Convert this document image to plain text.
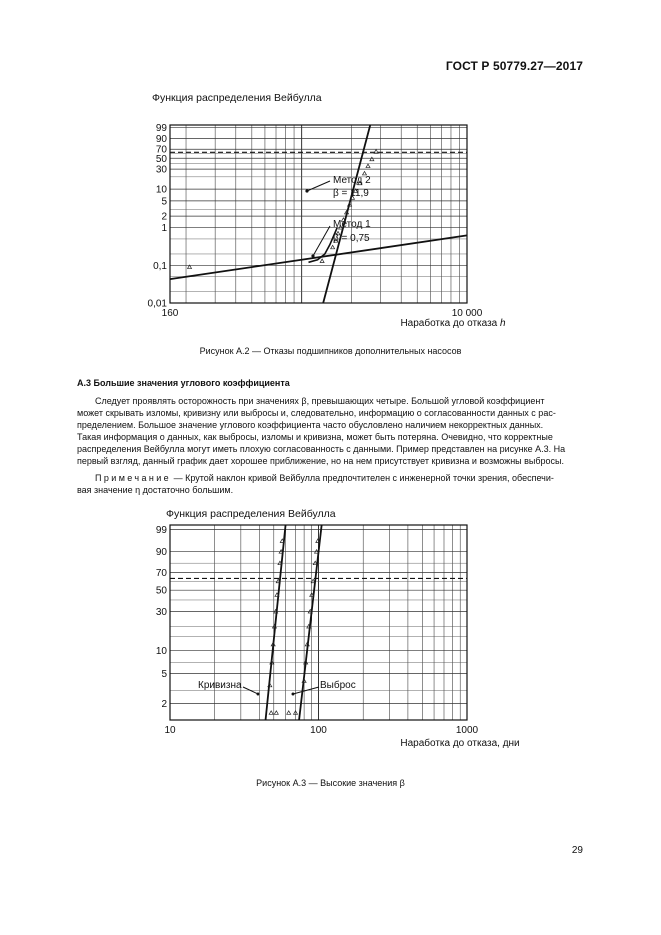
ГОСТ Р 50779.27—2017
99
90
70
50
30
10
5
2
1
0,1
0,01
160	10 000
Функция распределения Вейбулла
Наработка до отказа h
Метод 2
β = 11,9
Метод 1
β = 0,75
Рисунок А.2 — Отказы подшипников дополнительных насосов
А.3 Большие значения углового коэффициента
Следует проявлять осторожность при значениях β, превышающих четыре. Большой угловой коэффициент
может скрывать изломы, кривизну или выбросы и, следовательно, информацию о согласованности данных с рас-
пределением. Большое значение углового коэффициента часто обусловлено наличием некорректных данных.
Такая информация о данных, как выбросы, изломы и кривизна, может быть потеряна. Очевидно, что корректные
распределения Вейбулла могут иметь плохую согласованность с данными. Пример представлен на рисунке А.3. На
первый взгляд, данный график дает хорошее приближение, но на нем присутствует кривизна и возможны выбросы.
Примечание — Крутой наклон кривой Вейбулла предпочтителен с инженерной точки зрения, обеспечи-
вая значение η достаточно большим.
99
90
70
50
30
10
5
2
10	100	1000
Функция распределения Вейбулла
Наработка до отказа, дни
Кривизна	Выброс
Рисунок А.3 — Высокие значения β
29
